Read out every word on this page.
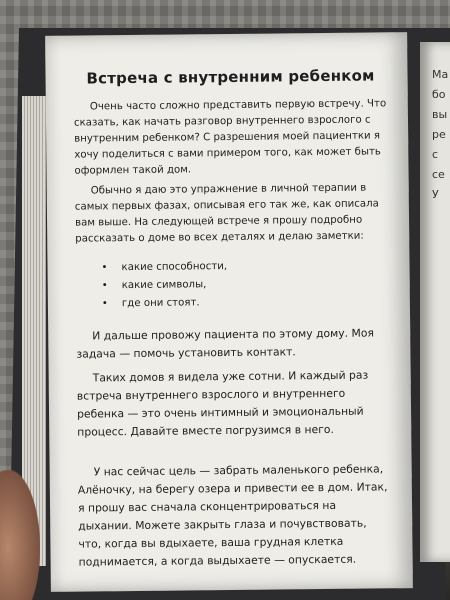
Ма
бо
вы
ре
с
се
У
Встреча с внутренним ребенком

Очень часто сложно представить первую встречу. Что сказать, как начать разговор внутреннего взрослого с внутренним ребенком? С разрешения моей пациентки я хочу поделиться с вами примером того, как может быть оформлен такой дом.

Обычно я даю это упражнение в личной терапии в самых первых фазах, описывая его так же, как описала вам выше. На следующей встрече я прошу подробно рассказать о доме во всех деталях и делаю заметки:

• какие способности,
• какие символы,
• где они стоят.

И дальше провожу пациента по этому дому. Моя задача — помочь установить контакт.

Таких домов я видела уже сотни. И каждый раз встреча внутреннего взрослого и внутреннего ребенка — это очень интимный и эмоциональный процесс. Давайте вместе погрузимся в него.

У нас сейчас цель — забрать маленького ребенка, Алёночку, на берегу озера и привести ее в дом. Итак, я прошу вас сначала сконцентрироваться на дыхании. Можете закрыть глаза и почувствовать, что, когда вы вдыхаете, ваша грудная клетка поднимается, а когда выдыхаете — опускается.
